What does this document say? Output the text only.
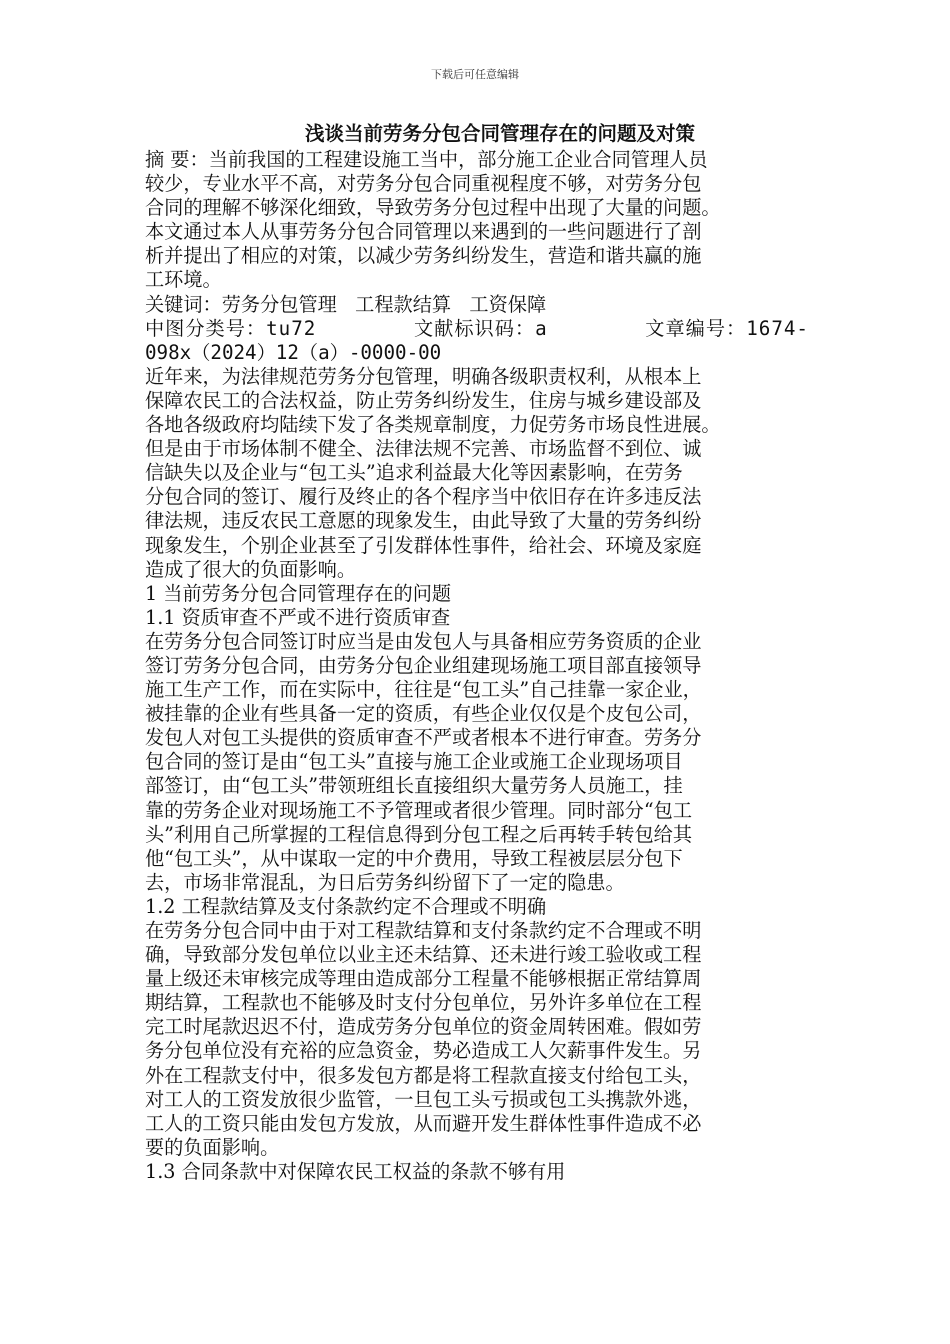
下载后可任意编辑
浅谈当前劳务分包合同管理存在的问题及对策
摘 要：当前我国的工程建设施工当中，部分施工企业合同管理人员
较少，专业水平不高，对劳务分包合同重视程度不够，对劳务分包
合同的理解不够深化细致，导致劳务分包过程中出现了大量的问题。
本文通过本人从事劳务分包合同管理以来遇到的一些问题进行了剖
析并提出了相应的对策，以减少劳务纠纷发生，营造和谐共赢的施
工环境。
关键词：劳务分包管理   工程款结算   工资保障
中图分类号：tu72	文献标识码：a	文章编号：1674-
098x（2024）12（a）-0000-00
近年来，为法律规范劳务分包管理，明确各级职责权利，从根本上
保障农民工的合法权益，防止劳务纠纷发生，住房与城乡建设部及
各地各级政府均陆续下发了各类规章制度，力促劳务市场良性进展。
但是由于市场体制不健全、法律法规不完善、市场监督不到位、诚
信缺失以及企业与“包工头”追求利益最大化等因素影响，在劳务
分包合同的签订、履行及终止的各个程序当中依旧存在许多违反法
律法规，违反农民工意愿的现象发生，由此导致了大量的劳务纠纷
现象发生，个别企业甚至了引发群体性事件，给社会、环境及家庭
造成了很大的负面影响。
1 当前劳务分包合同管理存在的问题
1.1 资质审查不严或不进行资质审查
在劳务分包合同签订时应当是由发包人与具备相应劳务资质的企业
签订劳务分包合同，由劳务分包企业组建现场施工项目部直接领导
施工生产工作，而在实际中，往往是“包工头”自己挂靠一家企业，
被挂靠的企业有些具备一定的资质，有些企业仅仅是个皮包公司，
发包人对包工头提供的资质审查不严或者根本不进行审查。劳务分
包合同的签订是由“包工头”直接与施工企业或施工企业现场项目
部签订，由“包工头”带领班组长直接组织大量劳务人员施工，挂
靠的劳务企业对现场施工不予管理或者很少管理。同时部分“包工
头”利用自己所掌握的工程信息得到分包工程之后再转手转包给其
他“包工头”，从中谋取一定的中介费用，导致工程被层层分包下
去，市场非常混乱，为日后劳务纠纷留下了一定的隐患。
1.2 工程款结算及支付条款约定不合理或不明确
在劳务分包合同中由于对工程款结算和支付条款约定不合理或不明
确，导致部分发包单位以业主还未结算、还未进行竣工验收或工程
量上级还未审核完成等理由造成部分工程量不能够根据正常结算周
期结算，工程款也不能够及时支付分包单位，另外许多单位在工程
完工时尾款迟迟不付，造成劳务分包单位的资金周转困难。假如劳
务分包单位没有充裕的应急资金，势必造成工人欠薪事件发生。另
外在工程款支付中，很多发包方都是将工程款直接支付给包工头，
对工人的工资发放很少监管，一旦包工头亏损或包工头携款外逃，
工人的工资只能由发包方发放，从而避开发生群体性事件造成不必
要的负面影响。
1.3 合同条款中对保障农民工权益的条款不够有用
